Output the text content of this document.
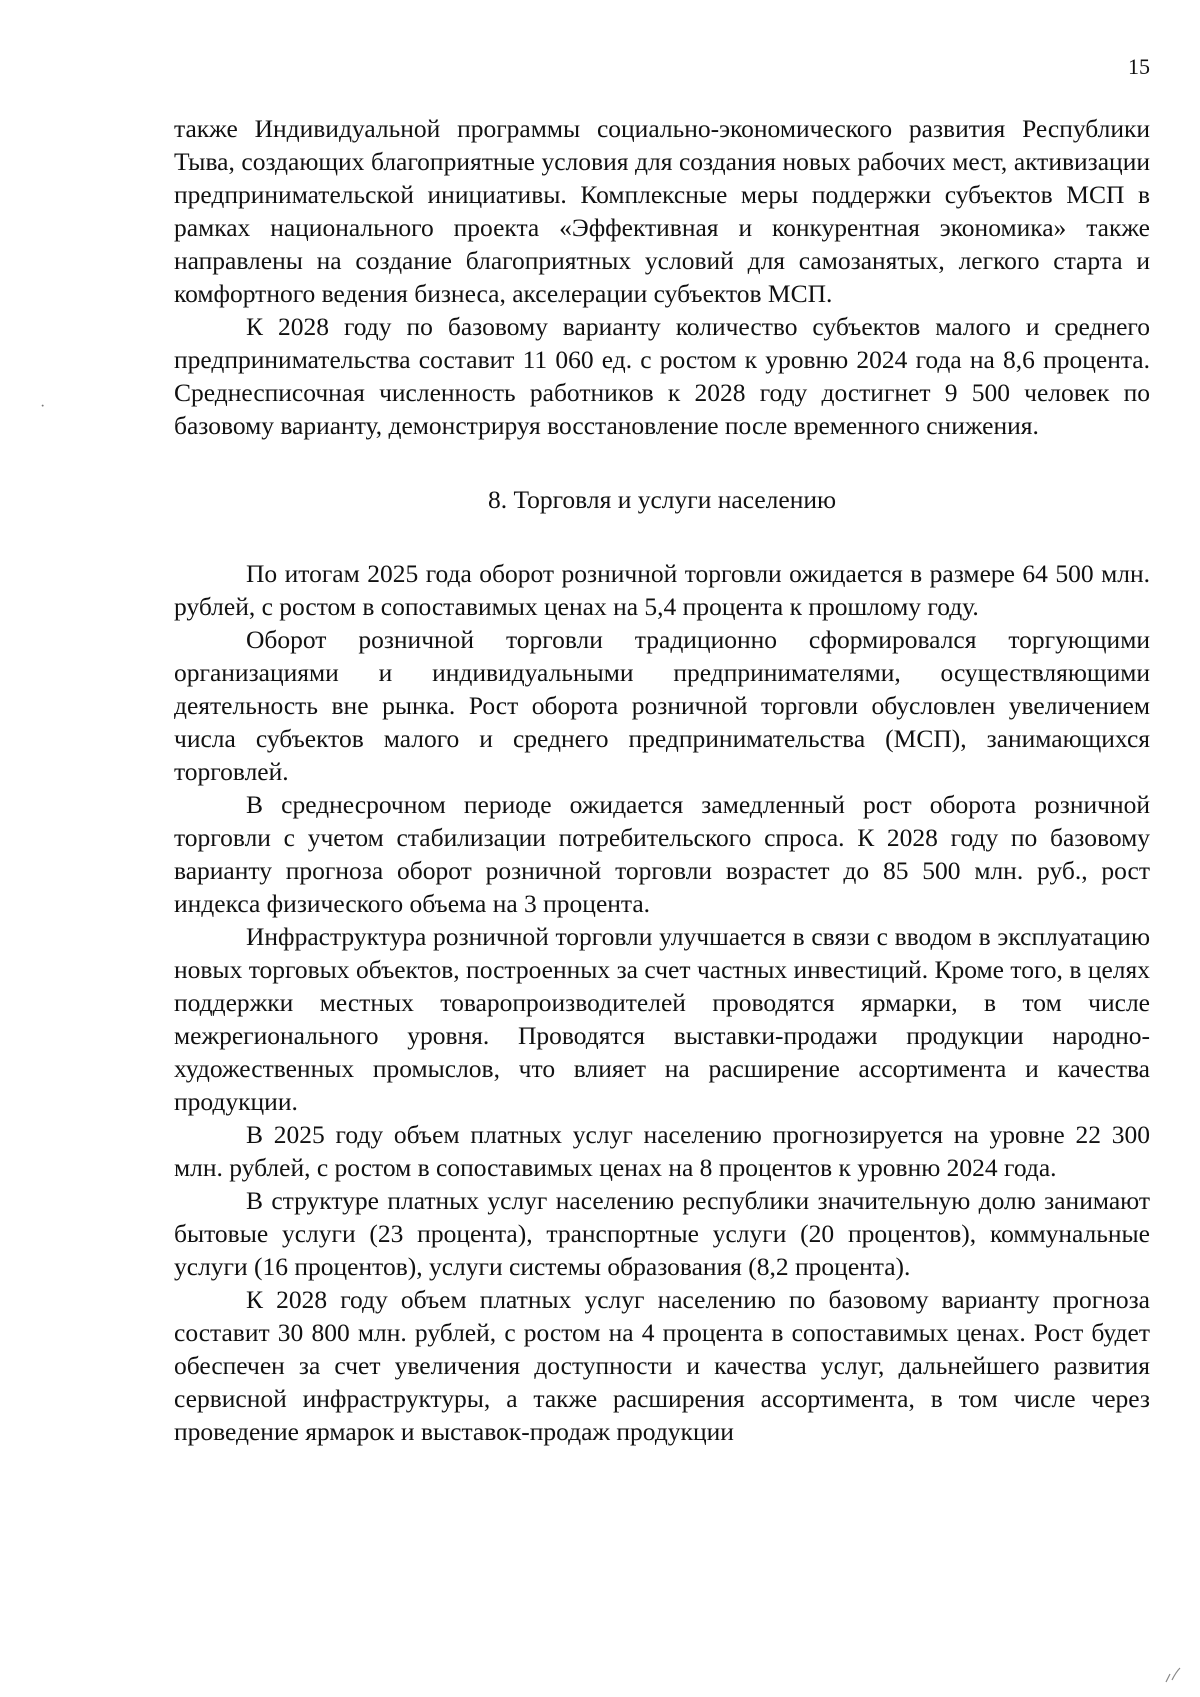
15
·

также Индивидуальной программы социально-экономического развития Республики Тыва, создающих благоприятные условия для создания новых рабочих мест, активизации предпринимательской инициативы. Комплексные меры поддержки субъектов МСП в рамках национального проекта «Эффективная и конкурентная экономика» также направлены на создание благоприятных условий для самозанятых, легкого старта и комфортного ведения бизнеса, акселерации субъектов МСП.

К 2028 году по базовому варианту количество субъектов малого и среднего предпринимательства составит 11 060 ед. с ростом к уровню 2024 года на 8,6 процента. Среднесписочная численность работников к 2028 году достигнет 9 500 человек по базовому варианту, демонстрируя восстановление после временного снижения.

8. Торговля и услуги населению

По итогам 2025 года оборот розничной торговли ожидается в размере 64 500 млн. рублей, с ростом в сопоставимых ценах на 5,4 процента к прошлому году.

Оборот розничной торговли традиционно сформировался торгующими организациями и индивидуальными предпринимателями, осуществляющими деятельность вне рынка. Рост оборота розничной торговли обусловлен увеличением числа субъектов малого и среднего предпринимательства (МСП), занимающихся торговлей.

В среднесрочном периоде ожидается замедленный рост оборота розничной торговли с учетом стабилизации потребительского спроса. К 2028 году по базовому варианту прогноза оборот розничной торговли возрастет до 85 500 млн. руб., рост индекса физического объема на 3 процента.

Инфраструктура розничной торговли улучшается в связи с вводом в эксплуатацию новых торговых объектов, построенных за счет частных инвестиций. Кроме того, в целях поддержки местных товаропроизводителей проводятся ярмарки, в том числе межрегионального уровня. Проводятся выставки-продажи продукции народно-художественных промыслов, что влияет на расширение ассортимента и качества продукции.

В 2025 году объем платных услуг населению прогнозируется на уровне 22 300 млн. рублей, с ростом в сопоставимых ценах на 8 процентов к уровню 2024 года.

В структуре платных услуг населению республики значительную долю занимают бытовые услуги (23 процента), транспортные услуги (20 процентов), коммунальные услуги (16 процентов), услуги системы образования (8,2 процента).

К 2028 году объем платных услуг населению по базовому варианту прогноза составит 30 800 млн. рублей, с ростом на 4 процента в сопоставимых ценах. Рост будет обеспечен за счет увеличения доступности и качества услуг, дальнейшего развития сервисной инфраструктуры, а также расширения ассортимента, в том числе через проведение ярмарок и выставок-продаж продукции
